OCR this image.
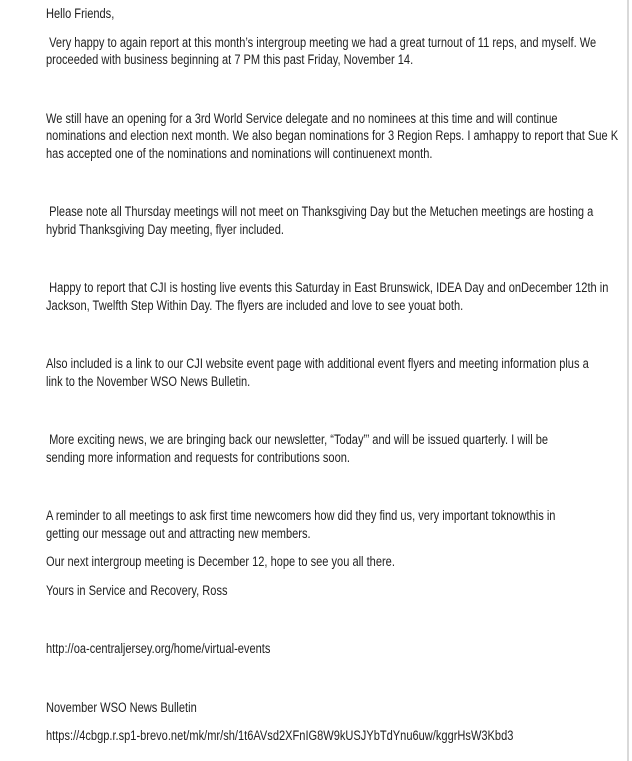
Hello Friends,

Very happy to again report at this month’s intergroup meeting we had a great turnout of 11 reps, and myself. We
proceeded with business beginning at 7 PM this past Friday, November 14.

We still have an opening for a 3rd World Service delegate and no nominees at this time and will continue
nominations and election next month. We also began nominations for 3 Region Reps. I amhappy to report that Sue K
has accepted one of the nominations and nominations will continuenext month.

Please note all Thursday meetings will not meet on Thanksgiving Day but the Metuchen meetings are hosting a
hybrid Thanksgiving Day meeting, flyer included.

Happy to report that CJI is hosting live events this Saturday in East Brunswick, IDEA Day and onDecember 12th in
Jackson, Twelfth Step Within Day. The flyers are included and love to see youat both.

Also included is a link to our CJI website event page with additional event flyers and meeting information plus a
link to the November WSO News Bulletin.

More exciting news, we are bringing back our newsletter, “Today”’ and will be issued quarterly. I will be
sending more information and requests for contributions soon.

A reminder to all meetings to ask first time newcomers how did they find us, very important toknowthis in
getting our message out and attracting new members.

Our next intergroup meeting is December 12, hope to see you all there.

Yours in Service and Recovery, Ross

http://oa-centraljersey.org/home/virtual-events

November WSO News Bulletin

https://4cbgp.r.sp1-brevo.net/mk/mr/sh/1t6AVsd2XFnIG8W9kUSJYbTdYnu6uw/kggrHsW3Kbd3
